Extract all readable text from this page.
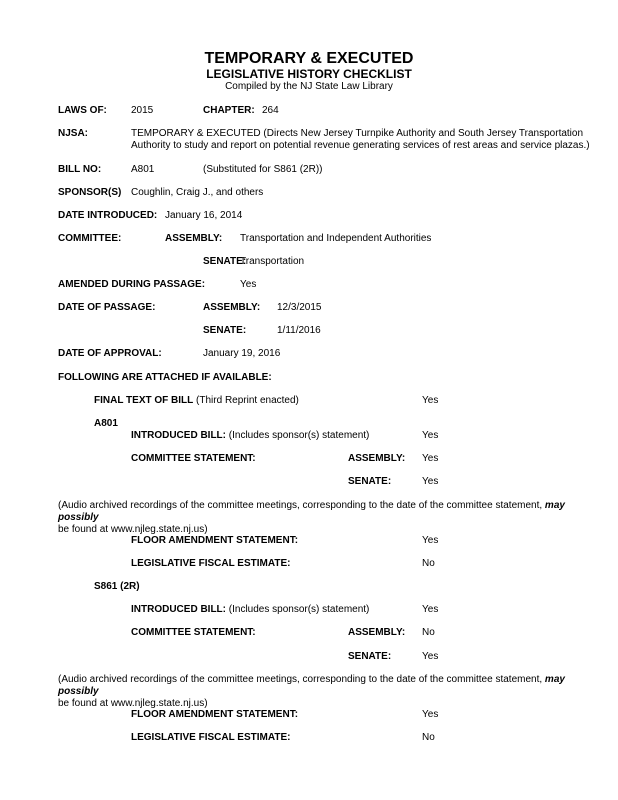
TEMPORARY & EXECUTED
LEGISLATIVE HISTORY CHECKLIST
Compiled by the NJ State Law Library
LAWS OF: 2015	CHAPTER: 264
NJSA:	TEMPORARY & EXECUTED (Directs New Jersey Turnpike Authority and South Jersey Transportation Authority to study and report on potential revenue generating services of rest areas and service plazas.)
BILL NO:	A801	(Substituted for S861 (2R))
SPONSOR(S) Coughlin, Craig J., and others
DATE INTRODUCED: January 16, 2014
COMMITTEE:	ASSEMBLY: Transportation and Independent Authorities
SENATE:
Transportation
AMENDED DURING PASSAGE:	Yes
DATE OF PASSAGE:	ASSEMBLY: 12/3/2015
SENATE:	1/11/2016
DATE OF APPROVAL:	January 19, 2016
FOLLOWING ARE ATTACHED IF AVAILABLE:
FINAL TEXT OF BILL (Third Reprint enacted)	Yes
A801
INTRODUCED BILL: (Includes sponsor(s) statement)	Yes
COMMITTEE STATEMENT:	ASSEMBLY: Yes
SENATE:	Yes
(Audio archived recordings of the committee meetings, corresponding to the date of the committee statement, may possibly
be found at www.njleg.state.nj.us)
FLOOR AMENDMENT STATEMENT:	Yes
LEGISLATIVE FISCAL ESTIMATE:	No
S861 (2R)
INTRODUCED BILL: (Includes sponsor(s) statement)	Yes
COMMITTEE STATEMENT:	ASSEMBLY: No
SENATE:	Yes
(Audio archived recordings of the committee meetings, corresponding to the date of the committee statement, may possibly
be found at www.njleg.state.nj.us)
FLOOR AMENDMENT STATEMENT:	Yes
LEGISLATIVE FISCAL ESTIMATE:	No
